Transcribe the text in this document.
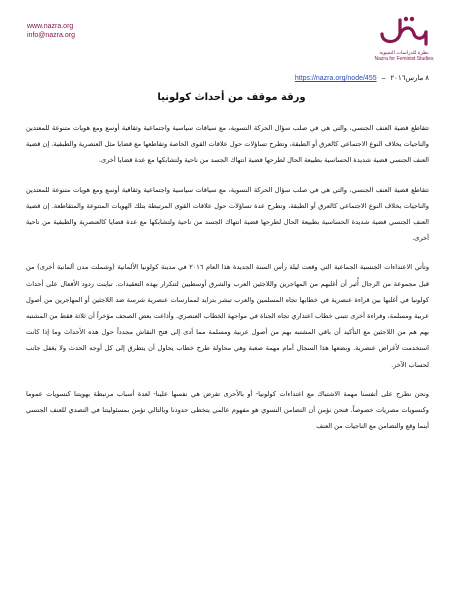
www.nazra.org
info@nazra.org
نظرة للدراسات النسوية
Nazra for Feminist Studies
٨ مارس٢٠١٦ – https://nazra.org/node/455
ورقة موقف من أحداث كولونيا

تتقاطع قضية العنف الجنسي، والتي هي في صلب سؤال الحركة النسوية، مع سياقات سياسية واجتماعية وثقافية أوسع ومع هويات متنوعة للمعتدين والناجيات بخلاف النوع الاجتماعي كالعرق أو الطبقة، وتطرح تساؤلات حول علاقات القوى الخاصة وتقاطعها مع قضايا مثل العنصرية والطبقية. إن قضية العنف الجنسي قضية شديدة الحساسية بطبيعة الحال لطرحها قضية انتهاك الجسد من ناحية ولتشابكها مع عدة قضايا أخرى.

تتقاطع قضية العنف الجنسي، والتي هي في صلب سؤال الحركة النسوية، مع سياقات سياسية واجتماعية وثقافية أوسع ومع هويات متنوعة للمعتدين والناجيات بخلاف النوع الاجتماعي كالعرق أو الطبقة، وتطرح عدة تساؤلات حول علاقات القوى المرتبطة بتلك الهويات المتنوعة والمتقاطعة. إن قضية العنف الجنسي قضية شديدة الحساسية بطبيعة الحال لطرحها قضية انتهاك الجسد من ناحية ولتشابكها مع عدة قضايا كالعنصرية والطبقية من ناحية أخرى.

وتأتي الاعتداءات الجنسية الجماعية التي وقعت ليلة رأس السنة الجديدة هذا العام ٢٠١٦ في مدينة كولونيا الألمانية (وشملت مدن ألمانية أخرى) من قبل مجموعة من الرجال أُثير أن أغلبهم من المهاجرين واللاجئين العرب والشرق أوسطيين لتتكرار بهذه التعقيدات. تباينت ردود الأفعال على أحداث كولونيا في أغلبها بين قراءة عنصرية في خطابها تجاه المسلمين والعرب تبشر بتزايد لممارسات عنصرية شرسة ضد اللاجئين أو المهاجرين من أصول عربية ومسلمة، وقراءة أخرى تتبنى خطاب اعتذاري تجاه الجناة في مواجهة الخطاب العنصري. وأذاعت بعض الصحف مؤخراً أن ثلاثة فقط من المشتبه بهم هم من اللاجئين مع التأكيد أن باقي المشتبه بهم من أصول عربية ومسلمة مما أدى إلى فتح النقاش مجدداً حول هذه الأحداث وما إذا كانت استخدمت لأغراض عنصرية. وبضعها هذا السجال أمام مهمة صعبة وهي محاولة طرح خطاب يحاول أن يتطرق إلى كل أوجه الحدث ولا يغفل جانب لحساب الآخر.

ونحن نطرح على أنفسنا مهمة الاشتباك مع اعتداءات كولونيا- أو بالأحرى تفرض هي نفسها علينا- لعدة أسباب مرتبطة بهويتنا كنسويات عموما وكنسويات مصريات خصوصاً. فنحن نؤمن أن التضامن النسوي هو مفهوم عالمي يتخطى حدودنا وبالتالي نؤمن بمسئوليتنا في التصدي للعنف الجنسي أينما وقع والتضامن مع الناجيات من العنف
